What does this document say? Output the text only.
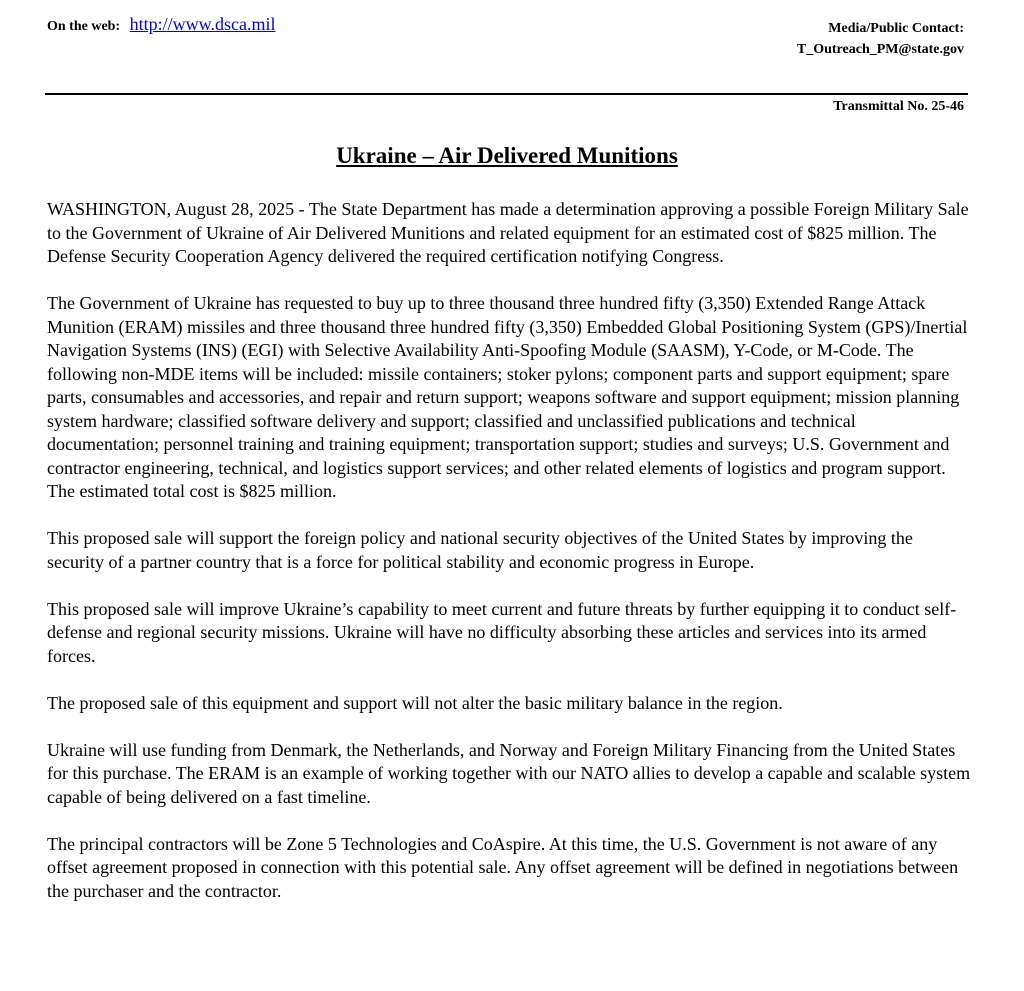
On the web: http://www.dsca.mil	Media/Public Contact:
T_Outreach_PM@state.gov
Transmittal No. 25-46
Ukraine – Air Delivered Munitions

WASHINGTON, August 28, 2025 - The State Department has made a determination approving a possible Foreign Military Sale to the Government of Ukraine of Air Delivered Munitions and related equipment for an estimated cost of $825 million. The Defense Security Cooperation Agency delivered the required certification notifying Congress.

The Government of Ukraine has requested to buy up to three thousand three hundred fifty (3,350) Extended Range Attack Munition (ERAM) missiles and three thousand three hundred fifty (3,350) Embedded Global Positioning System (GPS)/Inertial Navigation Systems (INS) (EGI) with Selective Availability Anti-Spoofing Module (SAASM), Y-Code, or M-Code. The following non-MDE items will be included: missile containers; stoker pylons; component parts and support equipment; spare parts, consumables and accessories, and repair and return support; weapons software and support equipment; mission planning system hardware; classified software delivery and support; classified and unclassified publications and technical documentation; personnel training and training equipment; transportation support; studies and surveys; U.S. Government and contractor engineering, technical, and logistics support services; and other related elements of logistics and program support. The estimated total cost is $825 million.

This proposed sale will support the foreign policy and national security objectives of the United States by improving the security of a partner country that is a force for political stability and economic progress in Europe.

This proposed sale will improve Ukraine’s capability to meet current and future threats by further equipping it to conduct self-defense and regional security missions. Ukraine will have no difficulty absorbing these articles and services into its armed forces.

The proposed sale of this equipment and support will not alter the basic military balance in the region.

Ukraine will use funding from Denmark, the Netherlands, and Norway and Foreign Military Financing from the United States for this purchase. The ERAM is an example of working together with our NATO allies to develop a capable and scalable system capable of being delivered on a fast timeline.

The principal contractors will be Zone 5 Technologies and CoAspire. At this time, the U.S. Government is not aware of any offset agreement proposed in connection with this potential sale. Any offset agreement will be defined in negotiations between the purchaser and the contractor.
